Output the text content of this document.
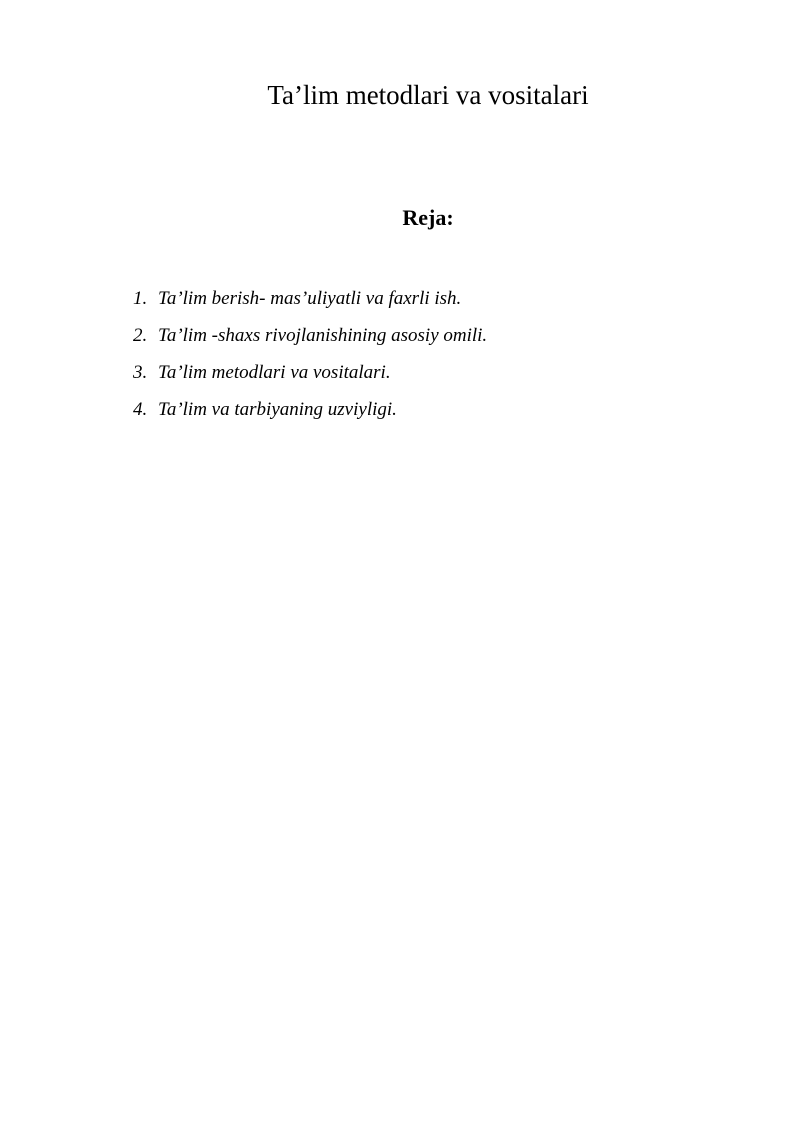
Ta’lim metodlari va vositalari
Reja:
1. Ta’lim berish- mas’uliyatli va faxrli ish.
2. Ta’lim -shaxs rivojlanishining asosiy omili.
3. Ta’lim metodlari va vositalari.
4. Ta’lim va tarbiyaning uzviyligi.
